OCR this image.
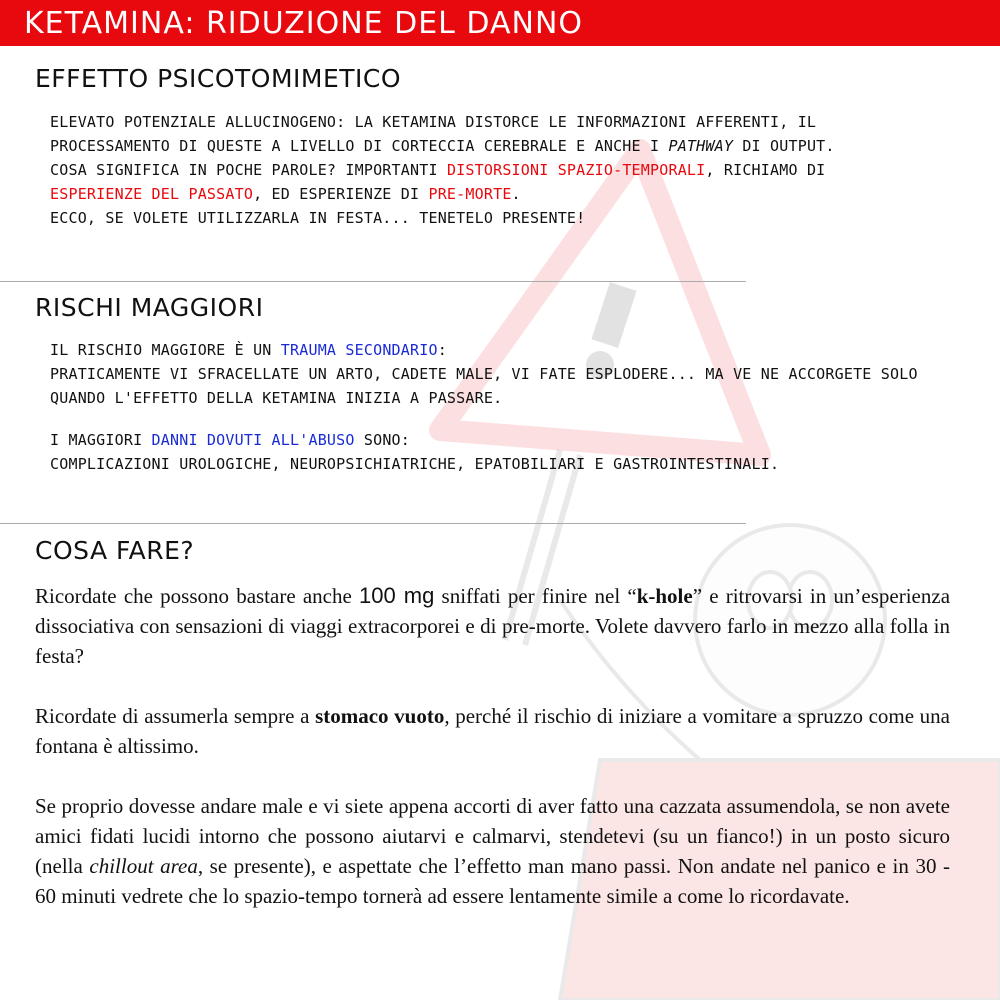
KETAMINA: RIDUZIONE DEL DANNO
EFFETTO PSICOTOMIMETICO

ELEVATO POTENZIALE ALLUCINOGENO: LA KETAMINA DISTORCE LE INFORMAZIONI AFFERENTI, IL PROCESSAMENTO DI QUESTE A LIVELLO DI CORTECCIA CEREBRALE E ANCHE I PATHWAY DI OUTPUT.

COSA SIGNIFICA IN POCHE PAROLE? IMPORTANTI DISTORSIONI SPAZIO-TEMPORALI, RICHIAMO DI ESPERIENZE DEL PASSATO, ED ESPERIENZE DI PRE-MORTE.

ECCO, SE VOLETE UTILIZZARLA IN FESTA... TENETELO PRESENTE!

RISCHI MAGGIORI

IL RISCHIO MAGGIORE È UN TRAUMA SECONDARIO:

PRATICAMENTE VI SFRACELLATE UN ARTO, CADETE MALE, VI FATE ESPLODERE... MA VE NE ACCORGETE SOLO QUANDO L'EFFETTO DELLA KETAMINA INIZIA A PASSARE.

I MAGGIORI DANNI DOVUTI ALL'ABUSO SONO:

COMPLICAZIONI UROLOGICHE, NEUROPSICHIATRICHE, EPATOBILIARI E GASTROINTESTINALI.

COSA FARE?

Ricordate che possono bastare anche 100 mg sniffati per finire nel “k-hole” e ritrovarsi in un’esperienza dissociativa con sensazioni di viaggi extracorporei e di pre-morte. Volete davvero farlo in mezzo alla folla in festa?

Ricordate di assumerla sempre a stomaco vuoto, perché il rischio di iniziare a vomitare a spruzzo come una fontana è altissimo.

Se proprio dovesse andare male e vi siete appena accorti di aver fatto una cazzata assumendola, se non avete amici fidati lucidi intorno che possono aiutarvi e calmarvi, stendetevi (su un fianco!) in un posto sicuro (nella chillout area, se presente), e aspettate che l’effetto man mano passi. Non andate nel panico e in 30 - 60 minuti vedrete che lo spazio-tempo tornerà ad essere lentamente simile a come lo ricordavate.
